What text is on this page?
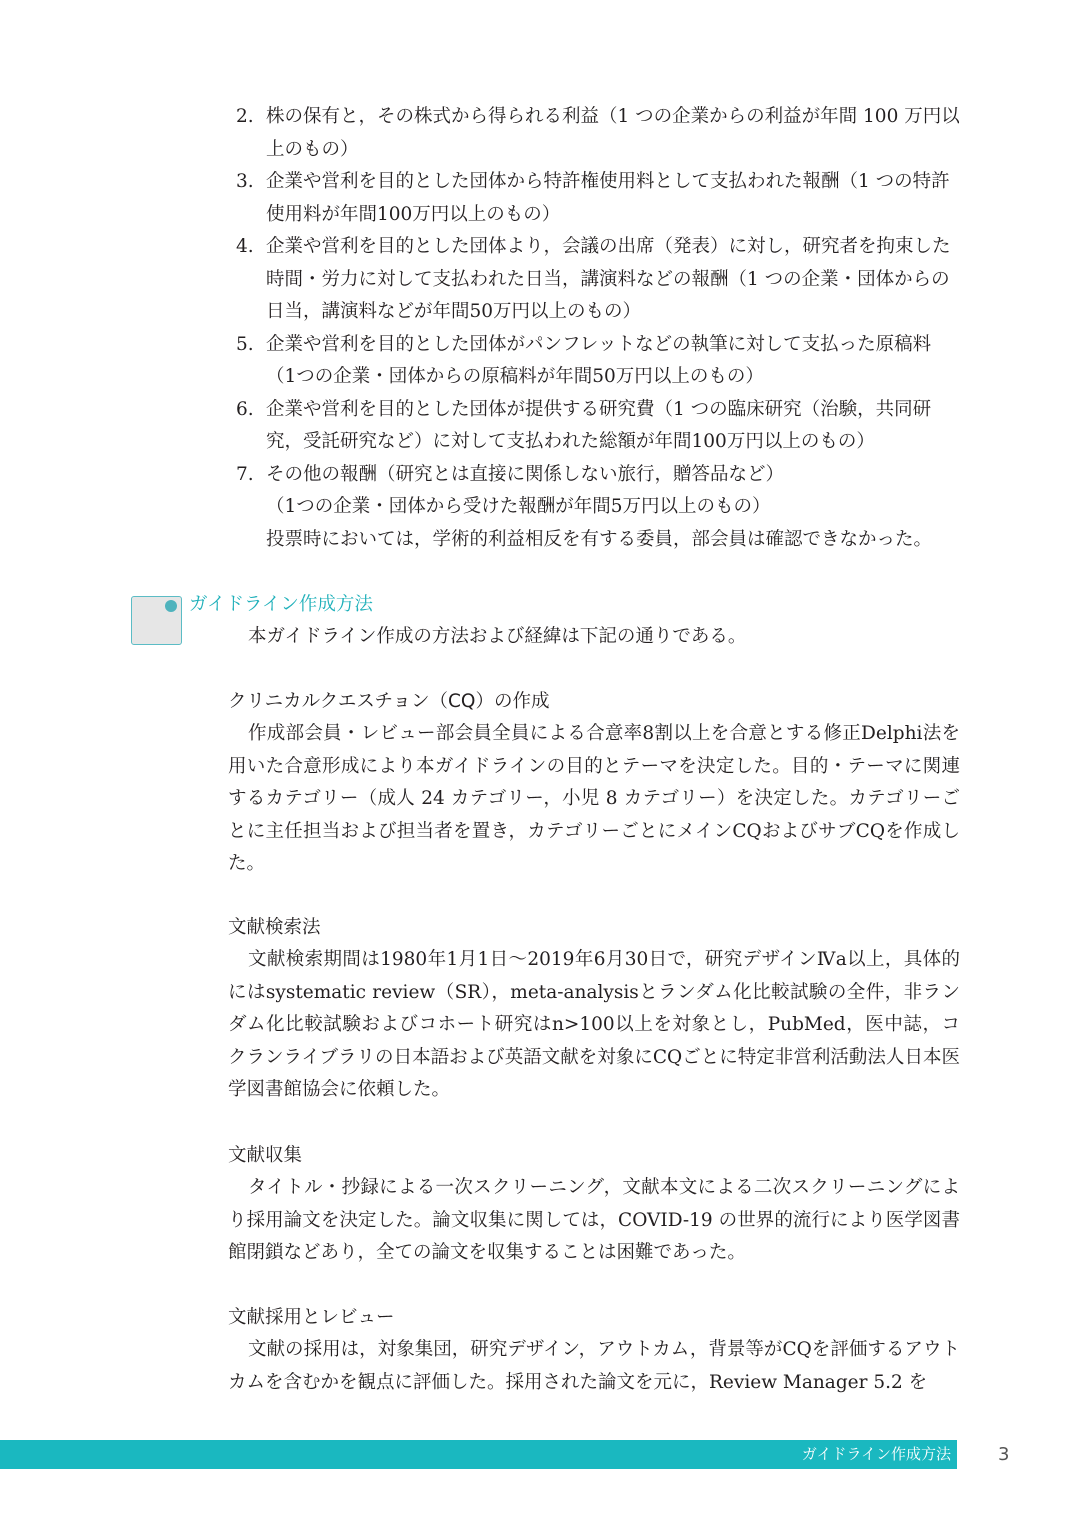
2. 株の保有と，その株式から得られる利益（1 つの企業からの利益が年間 100 万円以上のもの）
3. 企業や営利を目的とした団体から特許権使用料として支払われた報酬（1 つの特許使用料が年間100万円以上のもの）
4. 企業や営利を目的とした団体より，会議の出席（発表）に対し，研究者を拘束した時間・労力に対して支払われた日当，講演料などの報酬（1 つの企業・団体からの日当，講演料などが年間50万円以上のもの）
5. 企業や営利を目的とした団体がパンフレットなどの執筆に対して支払った原稿料（1つの企業・団体からの原稿料が年間50万円以上のもの）
6. 企業や営利を目的とした団体が提供する研究費（1 つの臨床研究（治験，共同研究，受託研究など）に対して支払われた総額が年間100万円以上のもの）
7. その他の報酬（研究とは直接に関係しない旅行，贈答品など）
（1つの企業・団体から受けた報酬が年間5万円以上のもの）
投票時においては，学術的利益相反を有する委員，部会員は確認できなかった。
ガイドライン作成方法
本ガイドライン作成の方法および経緯は下記の通りである。
クリニカルクエスチョン（CQ）の作成

作成部会員・レビュー部会員全員による合意率8割以上を合意とする修正Delphi法を用いた合意形成により本ガイドラインの目的とテーマを決定した。目的・テーマに関連するカテゴリー（成人 24 カテゴリー，小児 8 カテゴリー）を決定した。カテゴリーごとに主任担当および担当者を置き，カテゴリーごとにメインCQおよびサブCQを作成した。

文献検索法

文献検索期間は1980年1月1日〜2019年6月30日で，研究デザインⅣa以上，具体的にはsystematic review（SR），meta-analysisとランダム化比較試験の全件，非ランダム化比較試験およびコホート研究はn>100以上を対象とし，PubMed，医中誌，コクランライブラリの日本語および英語文献を対象にCQごとに特定非営利活動法人日本医学図書館協会に依頼した。

文献収集

タイトル・抄録による一次スクリーニング，文献本文による二次スクリーニングにより採用論文を決定した。論文収集に関しては，COVID-19 の世界的流行により医学図書館閉鎖などあり，全ての論文を収集することは困難であった。

文献採用とレビュー

文献の採用は，対象集団，研究デザイン，アウトカム，背景等がCQを評価するアウトカムを含むかを観点に評価した。採用された論文を元に，Review Manager 5.2 を

ガイドライン作成方法	3
